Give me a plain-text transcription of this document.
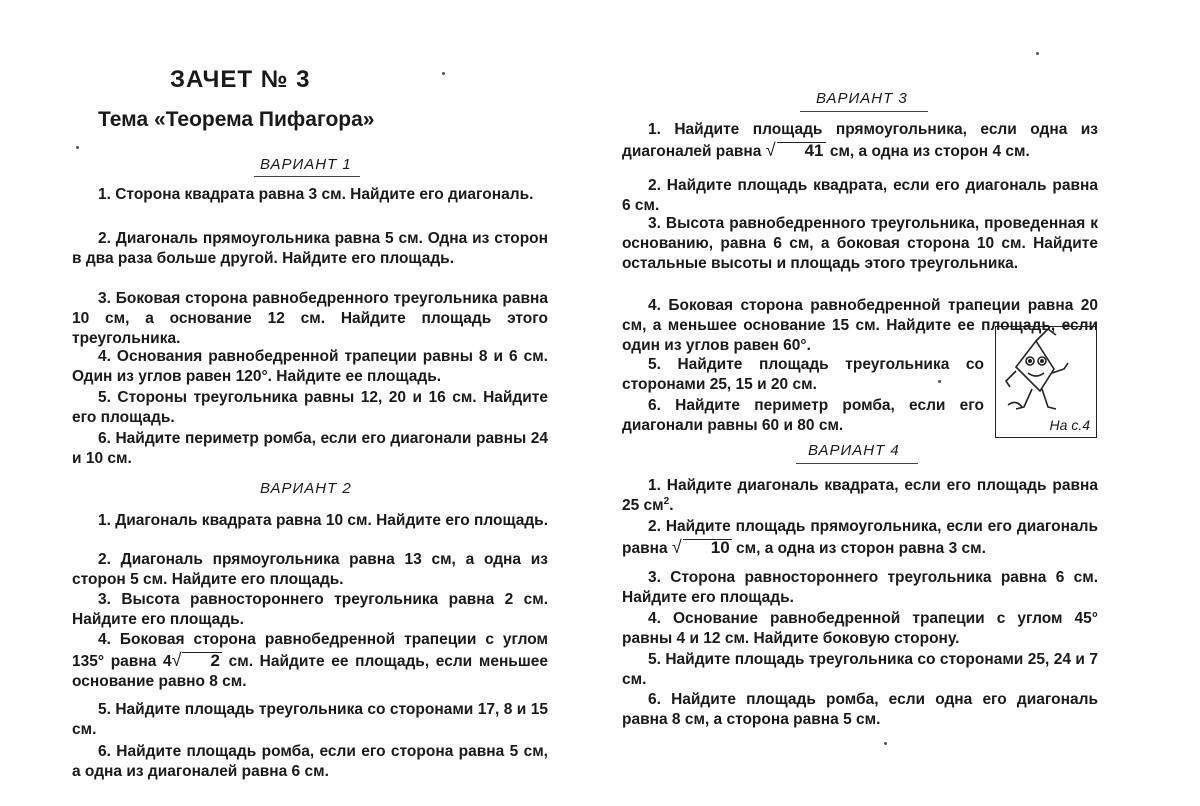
ЗАЧЕТ № 3
Тема «Теорема Пифагора»
ВАРИАНТ 1
1. Сторона квадрата равна 3 см. Найдите его диагональ.
2. Диагональ прямоугольника равна 5 см. Одна из сторон в два раза больше другой. Найдите его площадь.
3. Боковая сторона равнобедренного треугольника равна 10 см, а основание 12 см. Найдите площадь этого треугольника.
4. Основания равнобедренной трапеции равны 8 и 6 см. Один из углов равен 120°. Найдите ее площадь.
5. Стороны треугольника равны 12, 20 и 16 см. Найдите его площадь.
6. Найдите периметр ромба, если его диагонали равны 24 и 10 см.
ВАРИАНТ 2
1. Диагональ квадрата равна 10 см. Найдите его площадь.
2. Диагональ прямоугольника равна 13 см, а одна из сторон 5 см. Найдите его площадь.
3. Высота равностороннего треугольника равна 2 см. Найдите его площадь.
4. Боковая сторона равнобедренной трапеции с углом 135° равна 4√ 2 см. Найдите ее площадь, если меньшее основание равно 8 см.
5. Найдите площадь треугольника со сторонами 17, 8 и 15 см.
6. Найдите площадь ромба, если его сторона равна 5 см, а одна из диагоналей равна 6 см.
ВАРИАНТ 3
1. Найдите площадь прямоугольника, если одна из диагоналей равна √ 41 см, а одна из сторон 4 см.
2. Найдите площадь квадрата, если его диагональ равна 6 см.
3. Высота равнобедренного треугольника, проведенная к основанию, равна 6 см, а боковая сторона 10 см. Найдите остальные высоты и площадь этого треугольника.
4. Боковая сторона равнобедренной трапеции равна 20 см, а меньшее основание 15 см. Найдите ее площадь, если один из углов равен 60°.
5. Найдите площадь треугольника со сторонами 25, 15 и 20 см.
6. Найдите периметр ромба, если его диагонали равны 60 и 80 см.
ВАРИАНТ 4
1. Найдите диагональ квадрата, если его площадь равна 25 $см^2$.
2. Найдите площадь прямоугольника, если его диагональ равна √ 10 см, а одна из сторон равна 3 см.
3. Сторона равностороннего треугольника равна 6 см. Найдите его площадь.
4. Основание равнобедренной трапеции с углом 45° равны 4 и 12 см. Найдите боковую сторону.
5. Найдите площадь треугольника со сторонами 25, 24 и 7 см.
6. Найдите площадь ромба, если одна его диагональ равна 8 см, а сторона равна 5 см.
На с.4
